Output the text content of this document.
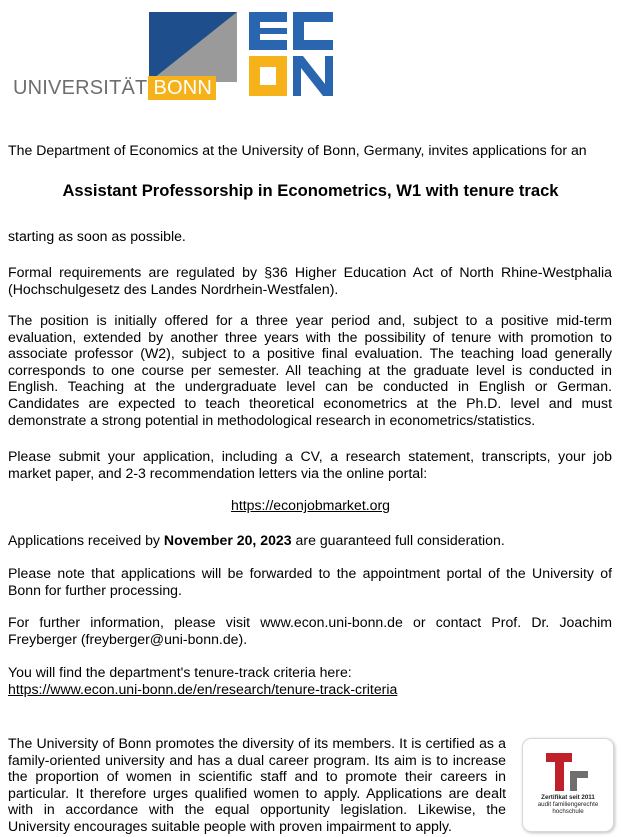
UNIVERSITÄT BONN

The Department of Economics at the University of Bonn, Germany, invites applications for an

Assistant Professorship in Econometrics, W1 with tenure track

starting as soon as possible.

Formal requirements are regulated by §36 Higher Education Act of North Rhine-Westphalia (Hochschulgesetz des Landes Nordrhein-Westfalen).

The position is initially offered for a three year period and, subject to a positive mid-term evaluation, extended by another three years with the possibility of tenure with promotion to associate professor (W2), subject to a positive final evaluation. The teaching load generally corresponds to one course per semester. All teaching at the graduate level is conducted in English. Teaching at the undergraduate level can be conducted in English or German. Candidates are expected to teach theoretical econometrics at the Ph.D. level and must demonstrate a strong potential in methodological research in econometrics/statistics.

Please submit your application, including a CV, a research statement, transcripts, your job market paper, and 2-3 recommendation letters via the online portal:

https://econjobmarket.org

Applications received by November 20, 2023 are guaranteed full consideration.

Please note that applications will be forwarded to the appointment portal of the University of Bonn for further processing.

For further information, please visit www.econ.uni-bonn.de or contact Prof. Dr. Joachim Freyberger (freyberger@uni-bonn.de).

You will find the department's tenure-track criteria here:
https://www.econ.uni-bonn.de/en/research/tenure-track-criteria

The University of Bonn promotes the diversity of its members. It is certified as a family-oriented university and has a dual career program. Its aim is to increase the proportion of women in scientific staff and to promote their careers in particular. It therefore urges qualified women to apply. Applications are dealt with in accordance with the equal opportunity legislation. Likewise, the University encourages suitable people with proven impairment to apply.

Zertifikat seit 2011
audit familiengerechte
hochschule
